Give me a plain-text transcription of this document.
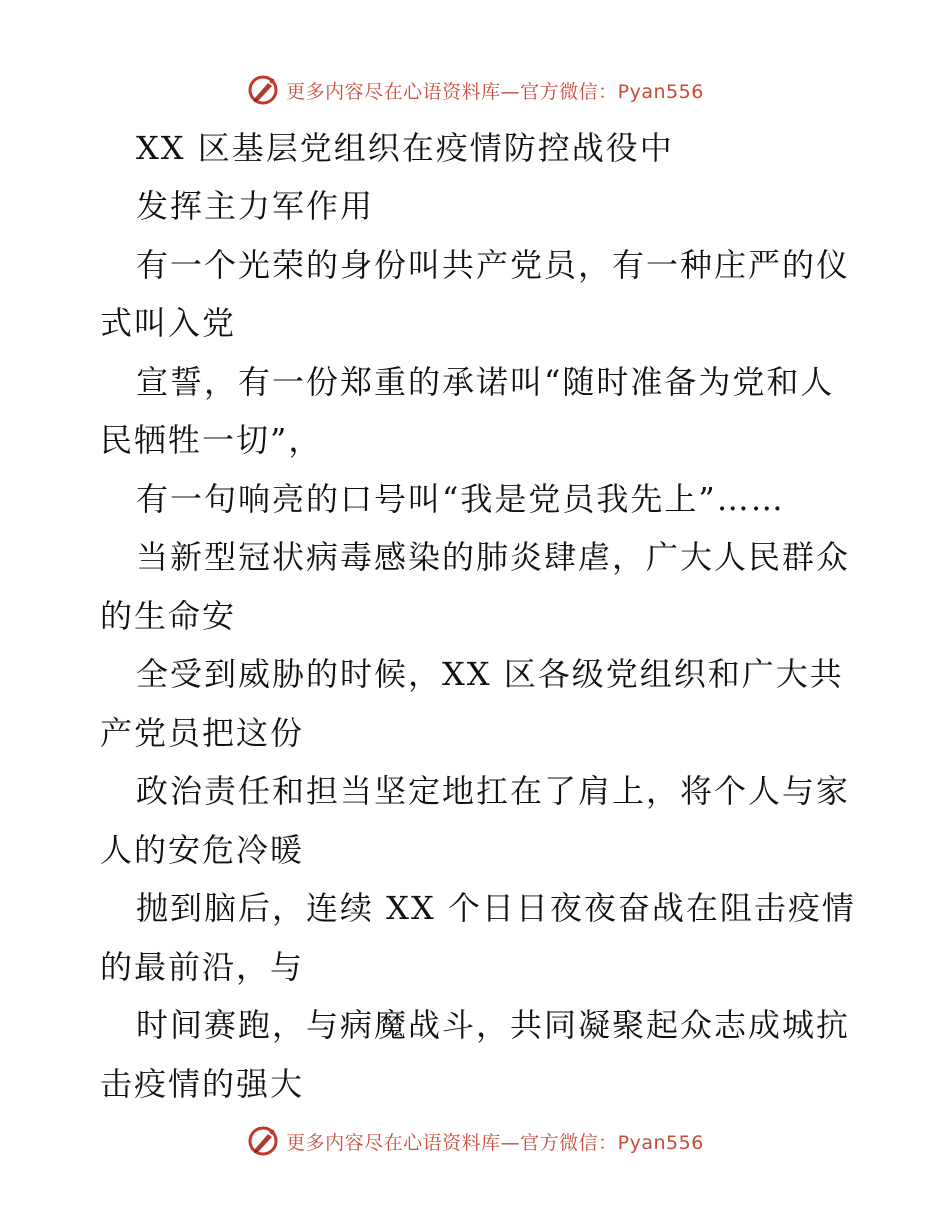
更多内容尽在心语资料库—官方微信：Pyan556
XX 区基层党组织在疫情防控战役中
发挥主力军作用
有一个光荣的身份叫共产党员，有一种庄严的仪
式叫入党
宣誓，有一份郑重的承诺叫“随时准备为党和人
民牺牲一切”，
有一句响亮的口号叫“我是党员我先上”……
当新型冠状病毒感染的肺炎肆虐，广大人民群众
的生命安
全受到威胁的时候，XX 区各级党组织和广大共
产党员把这份
政治责任和担当坚定地扛在了肩上，将个人与家
人的安危冷暖
抛到脑后，连续 XX 个日日夜夜奋战在阻击疫情
的最前沿，与
时间赛跑，与病魔战斗，共同凝聚起众志成城抗
击疫情的强大
更多内容尽在心语资料库—官方微信：Pyan556
